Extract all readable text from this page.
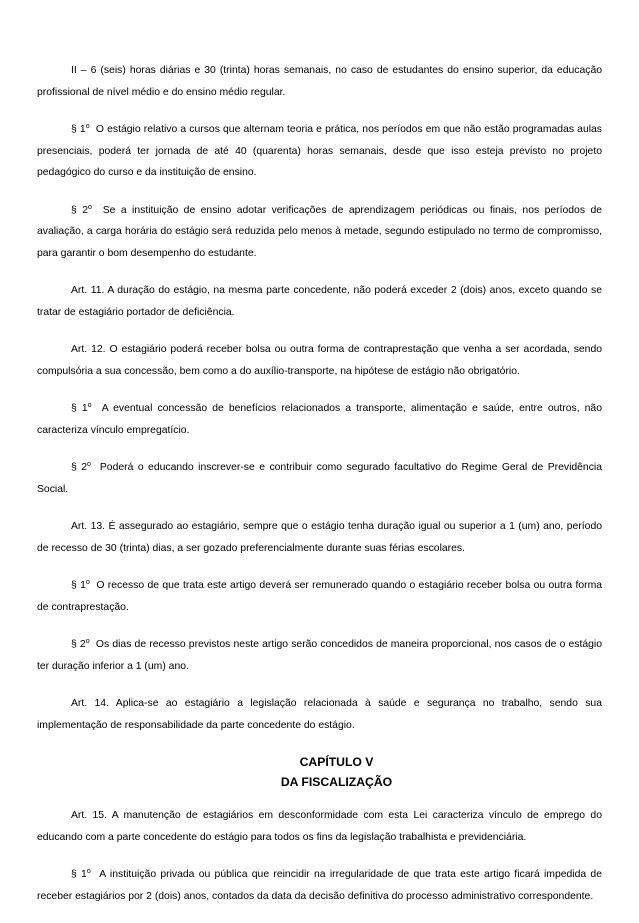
II – 6 (seis) horas diárias e 30 (trinta) horas semanais, no caso de estudantes do ensino superior, da educação profissional de nível médio e do ensino médio regular.

§ 1$^o$ O estágio relativo a cursos que alternam teoria e prática, nos períodos em que não estão programadas aulas presenciais, poderá ter jornada de até 40 (quarenta) horas semanais, desde que isso esteja previsto no projeto pedagógico do curso e da instituição de ensino.

§ 2$^o$ Se a instituição de ensino adotar verificações de aprendizagem periódicas ou finais, nos períodos de avaliação, a carga horária do estágio será reduzida pelo menos à metade, segundo estipulado no termo de compromisso, para garantir o bom desempenho do estudante.

Art. 11. A duração do estágio, na mesma parte concedente, não poderá exceder 2 (dois) anos, exceto quando se tratar de estagiário portador de deficiência.

Art. 12. O estagiário poderá receber bolsa ou outra forma de contraprestação que venha a ser acordada, sendo compulsória a sua concessão, bem como a do auxílio-transporte, na hipótese de estágio não obrigatório.

§ 1$^o$ A eventual concessão de benefícios relacionados a transporte, alimentação e saúde, entre outros, não caracteriza vínculo empregatício.

§ 2$^o$ Poderá o educando inscrever-se e contribuir como segurado facultativo do Regime Geral de Previdência Social.

Art. 13. É assegurado ao estagiário, sempre que o estágio tenha duração igual ou superior a 1 (um) ano, período de recesso de 30 (trinta) dias, a ser gozado preferencialmente durante suas férias escolares.

§ 1$^o$ O recesso de que trata este artigo deverá ser remunerado quando o estagiário receber bolsa ou outra forma de contraprestação.

§ 2$^o$ Os dias de recesso previstos neste artigo serão concedidos de maneira proporcional, nos casos de o estágio ter duração inferior a 1 (um) ano.

Art. 14. Aplica-se ao estagiário a legislação relacionada à saúde e segurança no trabalho, sendo sua implementação de responsabilidade da parte concedente do estágio.

CAPÍTULO V
DA FISCALIZAÇÃO

Art. 15. A manutenção de estagiários em desconformidade com esta Lei caracteriza vínculo de emprego do educando com a parte concedente do estágio para todos os fins da legislação trabalhista e previdenciária.

§ 1$^o$ A instituição privada ou pública que reincidir na irregularidade de que trata este artigo ficará impedida de receber estagiários por 2 (dois) anos, contados da data da decisão definitiva do processo administrativo correspondente.
